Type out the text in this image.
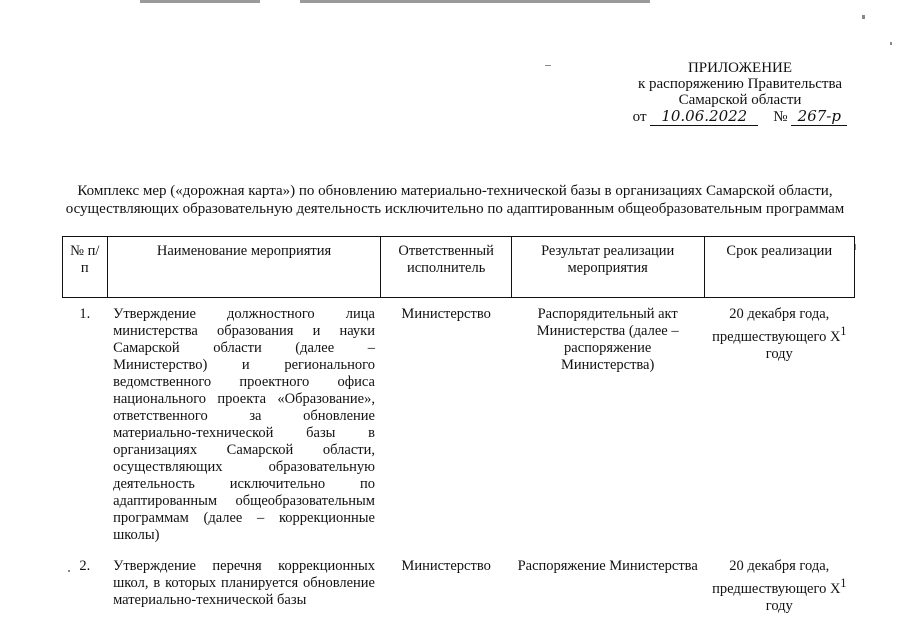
ПРИЛОЖЕНИЕ
к распоряжению Правительства
Самарской области
от 10.06.2022 № 267-р
Комплекс мер («дорожная карта») по обновлению материально-технической базы в организациях Самарской области,
осуществляющих образовательную деятельность исключительно по адаптированным общеобразовательным программам
№ п/п	Наименование мероприятия	Ответственный исполнитель	Результат реализации мероприятия	Срок реализации
1.	Утверждение должностного лица министерства образования и науки Самарской области (далее – Министерство) и регионального ведомственного проектного офиса национального проекта «Образование», ответственного за обновление материально-технической базы в организациях Самарской области, осуществляющих образовательную деятельность исключительно по адаптированным общеобразовательным программам (далее – коррекционные школы)	Министерство	Распорядительный акт Министерства (далее – распоряжение Министерства)	20 декабря года, предшествующего $X^1$ году
2.	Утверждение перечня коррекционных школ, в которых планируется обновление материально-технической базы	Министерство	Распоряжение Министерства	20 декабря года, предшествующего $X^1$ году
